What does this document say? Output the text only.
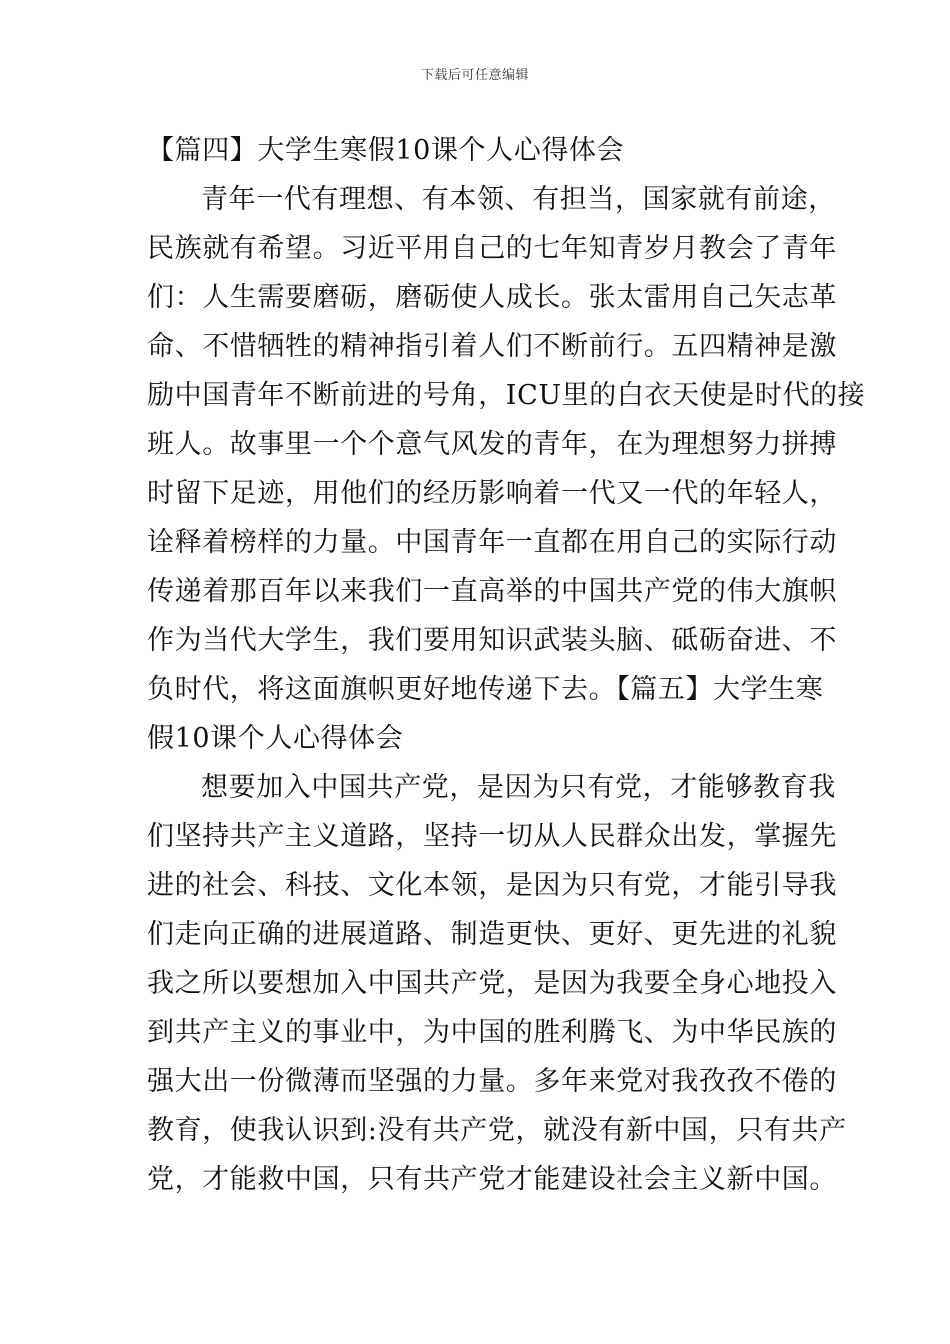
下载后可任意编辑
【篇四】大学生寒假10课个人心得体会
青年一代有理想、有本领、有担当，国家就有前途，
民族就有希望。习近平用自己的七年知青岁月教会了青年
们：人生需要磨砺，磨砺使人成长。张太雷用自己矢志革
命、不惜牺牲的精神指引着人们不断前行。五四精神是激
励中国青年不断前进的号角，ICU里的白衣天使是时代的接
班人。故事里一个个意气风发的青年，在为理想努力拼搏
时留下足迹，用他们的经历影响着一代又一代的年轻人，
诠释着榜样的力量。中国青年一直都在用自己的实际行动
传递着那百年以来我们一直高举的中国共产党的伟大旗帜
作为当代大学生，我们要用知识武装头脑、砥砺奋进、不
负时代，将这面旗帜更好地传递下去。【篇五】大学生寒
假10课个人心得体会
想要加入中国共产党，是因为只有党，才能够教育我
们坚持共产主义道路，坚持一切从人民群众出发，掌握先
进的社会、科技、文化本领，是因为只有党，才能引导我
们走向正确的进展道路、制造更快、更好、更先进的礼貌
我之所以要想加入中国共产党，是因为我要全身心地投入
到共产主义的事业中，为中国的胜利腾飞、为中华民族的
强大出一份微薄而坚强的力量。多年来党对我孜孜不倦的
教育，使我认识到:没有共产党，就没有新中国，只有共产
党，才能救中国，只有共产党才能建设社会主义新中国。
